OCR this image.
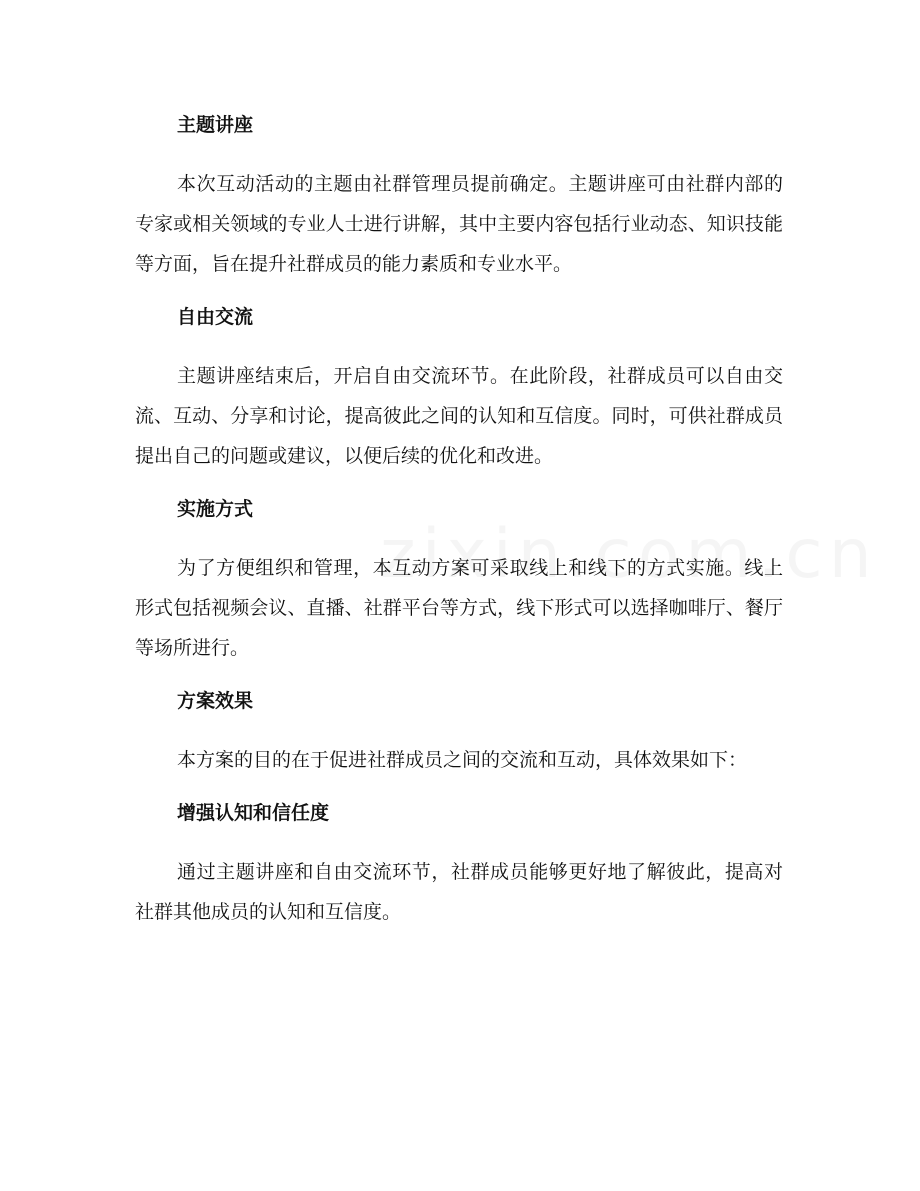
主题讲座

本次互动活动的主题由社群管理员提前确定。主题讲座可由社群内部的专家或相关领域的专业人士进行讲解，其中主要内容包括行业动态、知识技能等方面，旨在提升社群成员的能力素质和专业水平。

自由交流

主题讲座结束后，开启自由交流环节。在此阶段，社群成员可以自由交流、互动、分享和讨论，提高彼此之间的认知和互信度。同时，可供社群成员提出自己的问题或建议，以便后续的优化和改进。

实施方式

为了方便组织和管理，本互动方案可采取线上和线下的方式实施。线上形式包括视频会议、直播、社群平台等方式，线下形式可以选择咖啡厅、餐厅等场所进行。

方案效果

本方案的目的在于促进社群成员之间的交流和互动，具体效果如下：

增强认知和信任度

通过主题讲座和自由交流环节，社群成员能够更好地了解彼此，提高对社群其他成员的认知和互信度。
